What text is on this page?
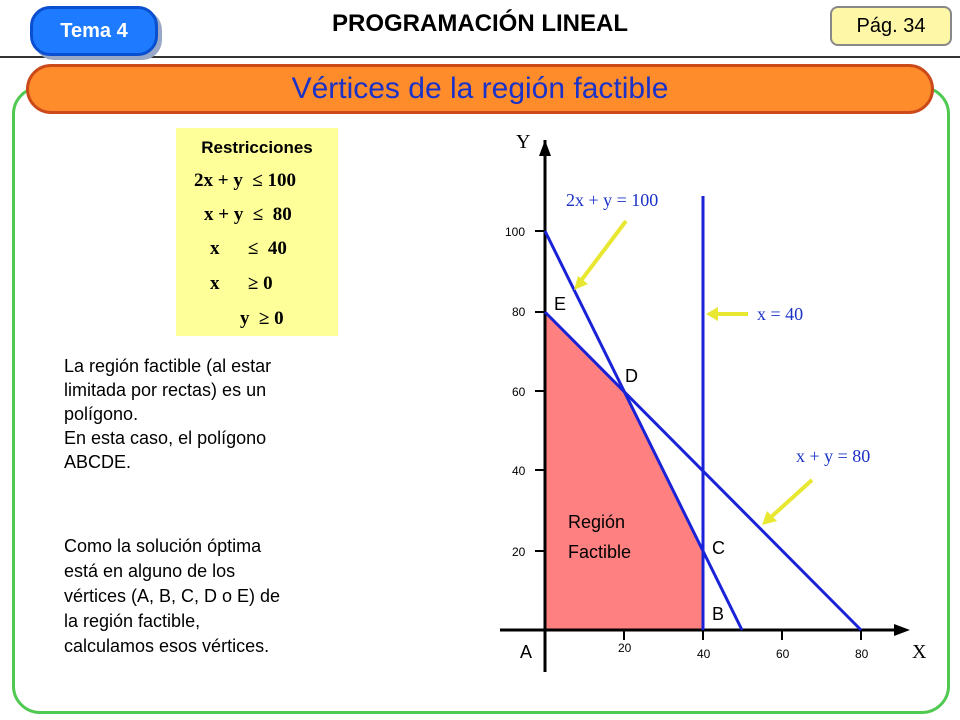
Tema 4	PROGRAMACIÓN LINEAL	Pág. 34
Vértices de la región factible
Restricciones
2x + y  ≤ 100
x + y  ≤  80
x      ≤  40
x      ≥ 0
y  ≥ 0
La región factible (al estar
limitada por rectas) es un
polígono.
En esta caso, el polígono
ABCDE.
Como la solución óptima
está en alguno de los
vértices (A, B, C, D o E) de
la región factible,
calculamos esos vértices.
20
40
60
80
100
20	40	60	80
Y
X
2x + y = 100
x = 40
x + y = 80
A
B
C
D
E
Región
Factible
